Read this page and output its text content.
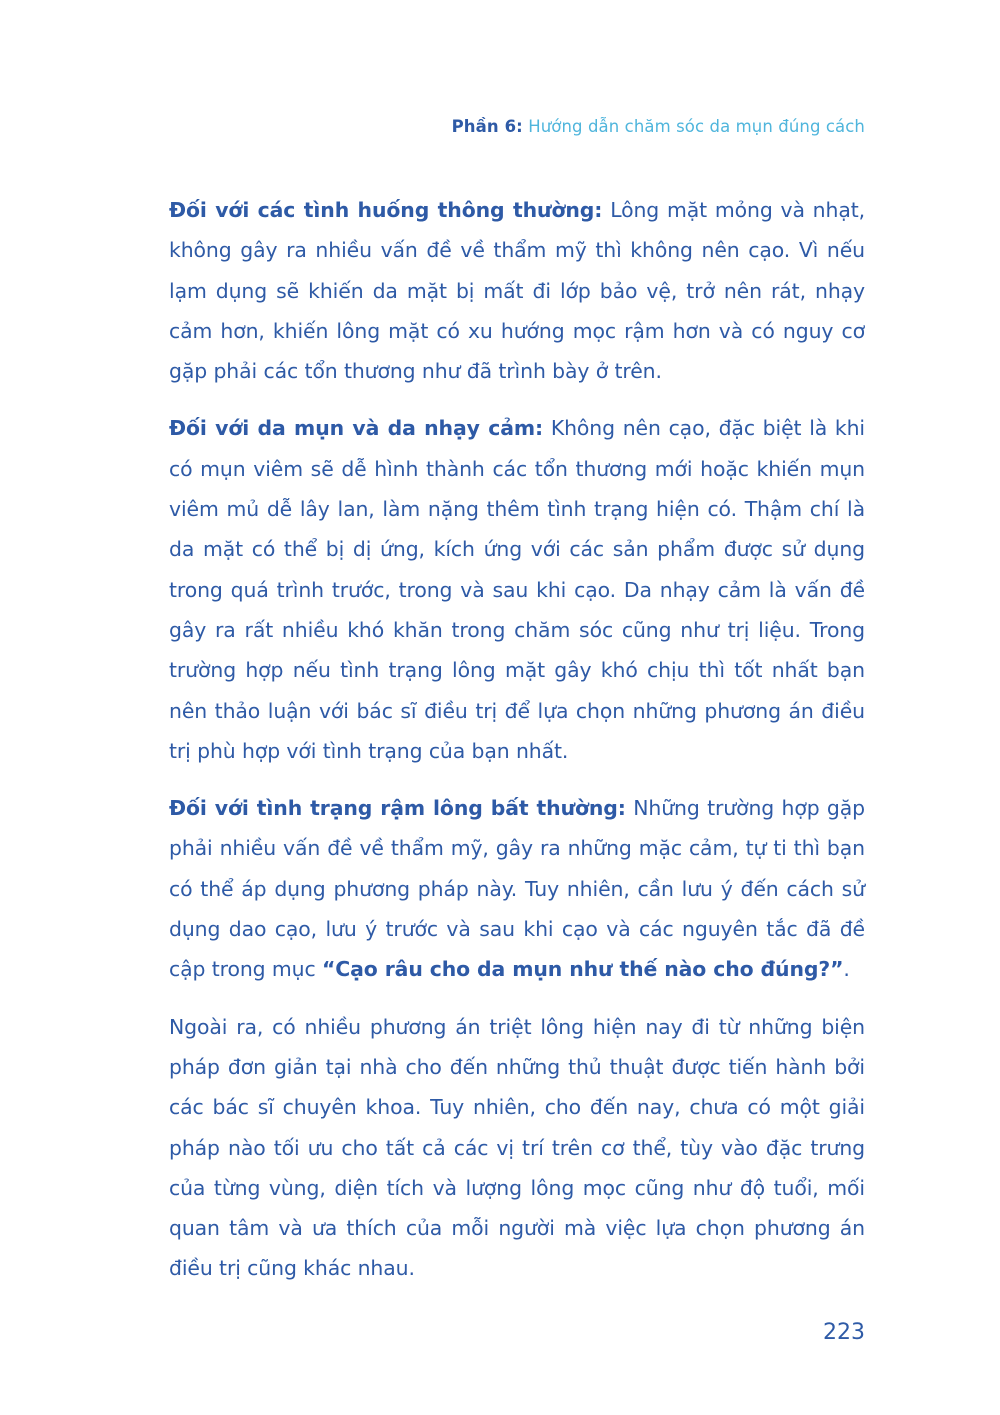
Phần 6: Hướng dẫn chăm sóc da mụn đúng cách

Đối với các tình huống thông thường: Lông mặt mỏng và nhạt, không gây ra nhiều vấn đề về thẩm mỹ thì không nên cạo. Vì nếu lạm dụng sẽ khiến da mặt bị mất đi lớp bảo vệ, trở nên rát, nhạy cảm hơn, khiến lông mặt có xu hướng mọc rậm hơn và có nguy cơ gặp phải các tổn thương như đã trình bày ở trên.

Đối với da mụn và da nhạy cảm: Không nên cạo, đặc biệt là khi có mụn viêm sẽ dễ hình thành các tổn thương mới hoặc khiến mụn viêm mủ dễ lây lan, làm nặng thêm tình trạng hiện có. Thậm chí là da mặt có thể bị dị ứng, kích ứng với các sản phẩm được sử dụng trong quá trình trước, trong và sau khi cạo. Da nhạy cảm là vấn đề gây ra rất nhiều khó khăn trong chăm sóc cũng như trị liệu. Trong trường hợp nếu tình trạng lông mặt gây khó chịu thì tốt nhất bạn nên thảo luận với bác sĩ điều trị để lựa chọn những phương án điều trị phù hợp với tình trạng của bạn nhất.

Đối với tình trạng rậm lông bất thường: Những trường hợp gặp phải nhiều vấn đề về thẩm mỹ, gây ra những mặc cảm, tự ti thì bạn có thể áp dụng phương pháp này. Tuy nhiên, cần lưu ý đến cách sử dụng dao cạo, lưu ý trước và sau khi cạo và các nguyên tắc đã đề cập trong mục “Cạo râu cho da mụn như thế nào cho đúng?”.

Ngoài ra, có nhiều phương án triệt lông hiện nay đi từ những biện pháp đơn giản tại nhà cho đến những thủ thuật được tiến hành bởi các bác sĩ chuyên khoa. Tuy nhiên, cho đến nay, chưa có một giải pháp nào tối ưu cho tất cả các vị trí trên cơ thể, tùy vào đặc trưng của từng vùng, diện tích và lượng lông mọc cũng như độ tuổi, mối quan tâm và ưa thích của mỗi người mà việc lựa chọn phương án điều trị cũng khác nhau.

223
